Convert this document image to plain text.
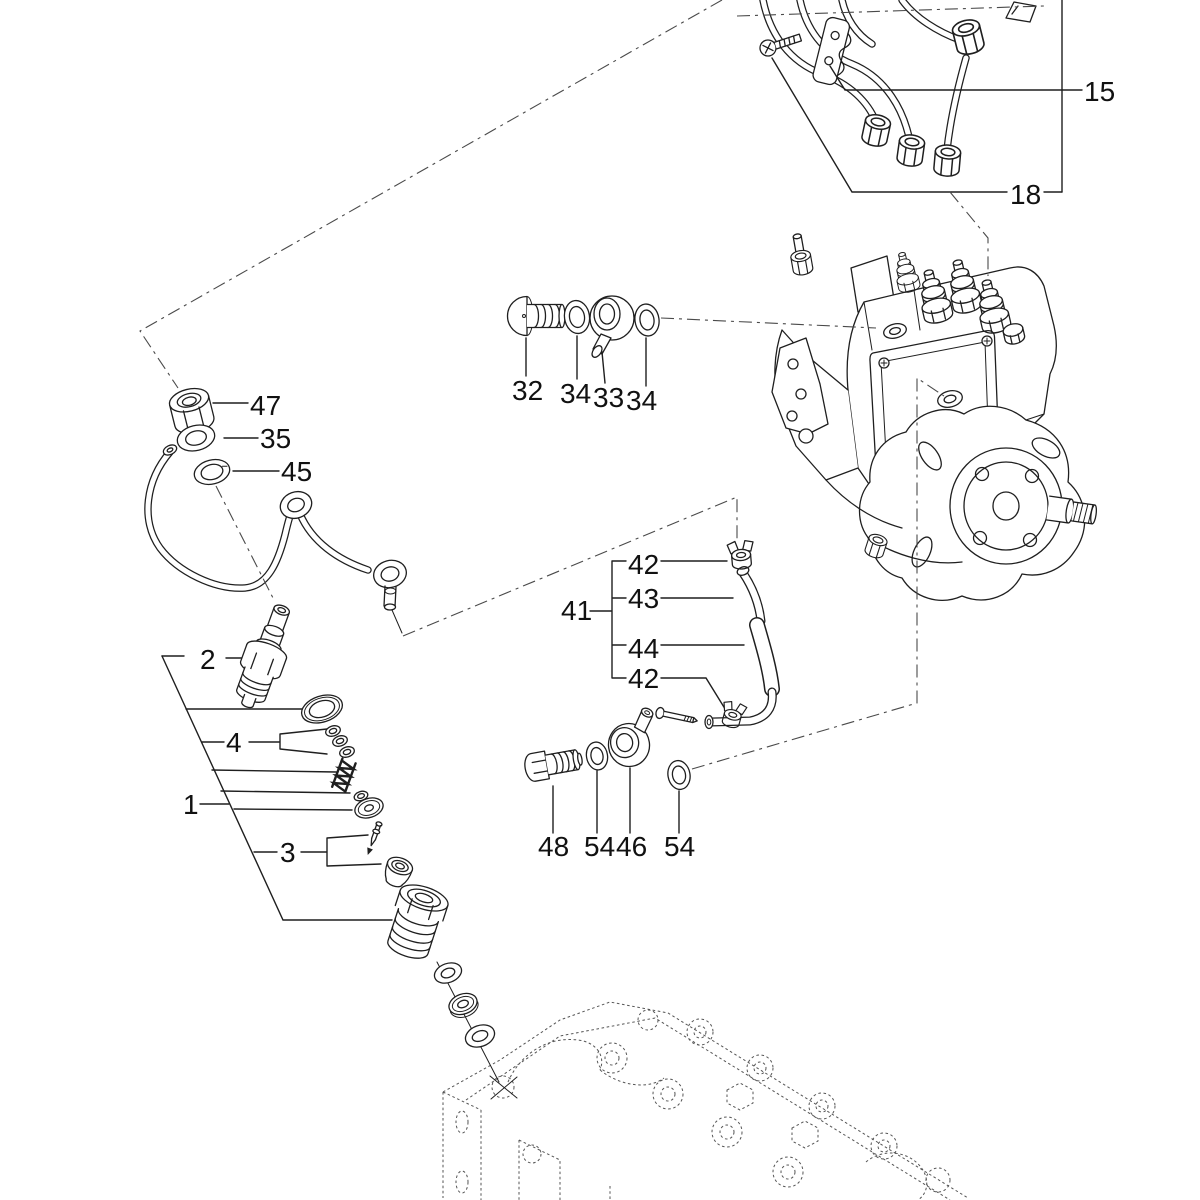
15
18
47
35
45
2
4
1
3
32 34 33 34
41
42
43
44
42
48 54 46 54
